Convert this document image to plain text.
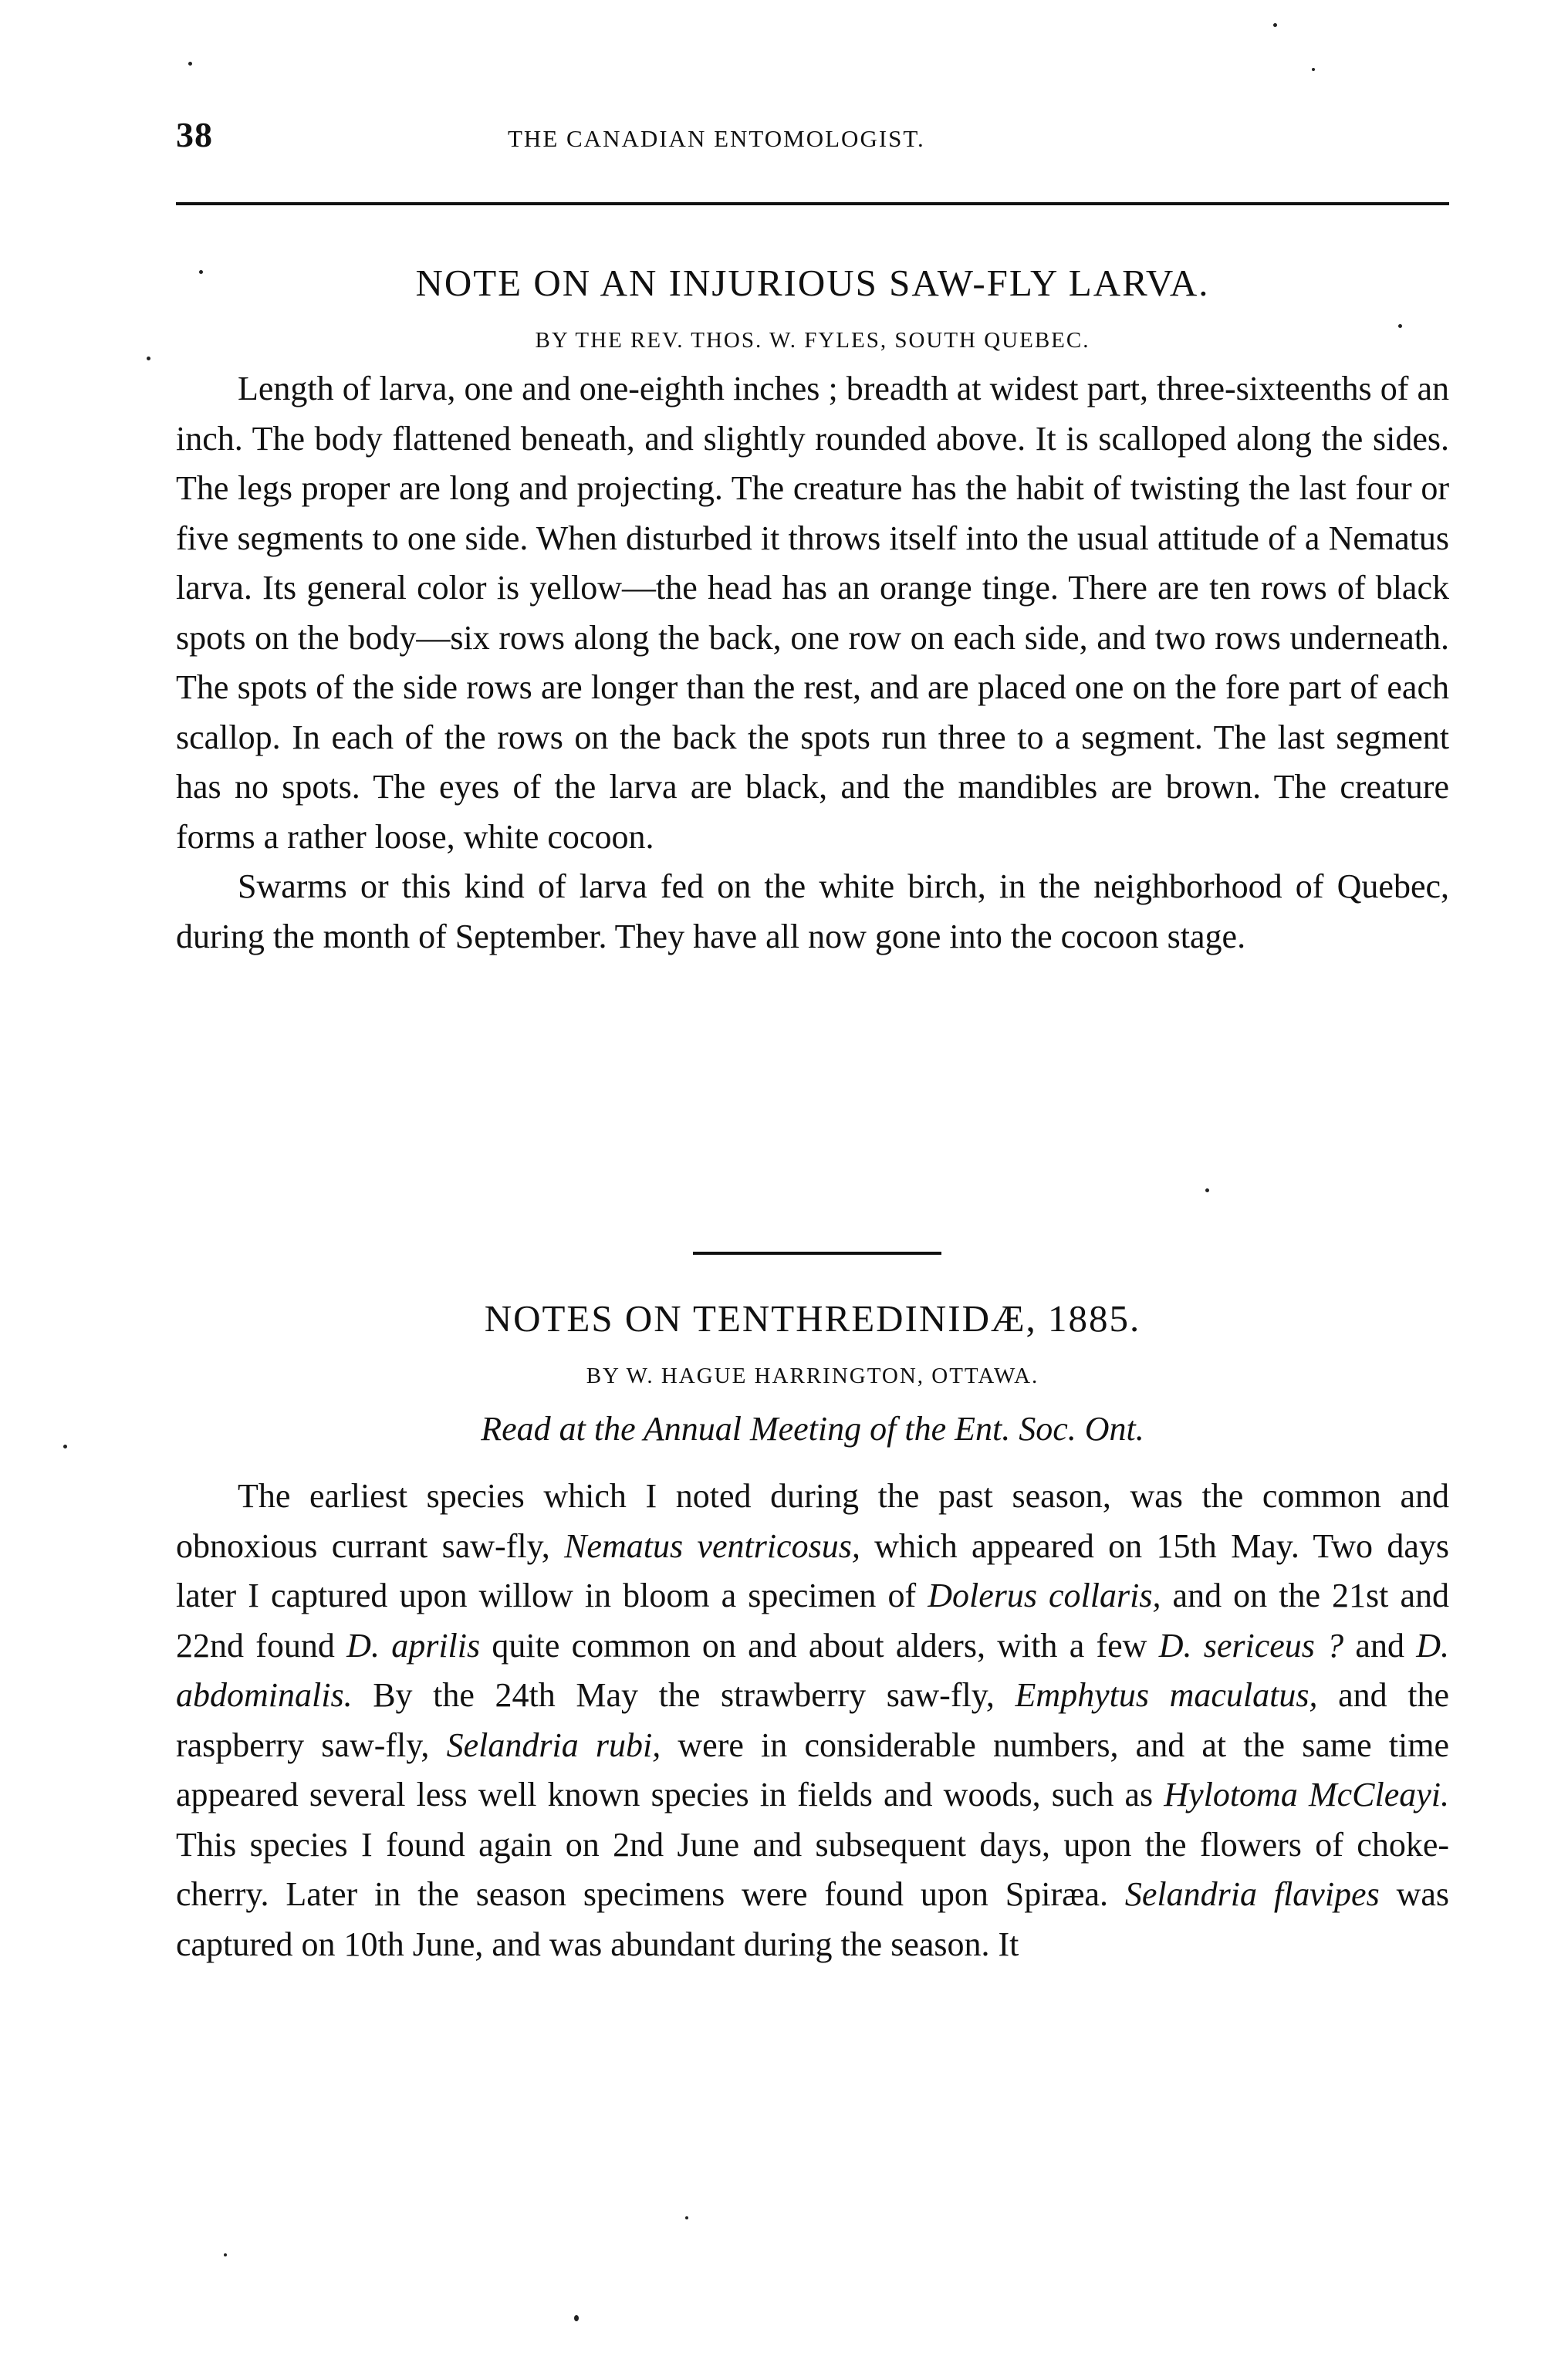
38	THE CANADIAN ENTOMOLOGIST.
NOTE ON AN INJURIOUS SAW-FLY LARVA.

BY THE REV. THOS. W. FYLES, SOUTH QUEBEC.

Length of larva, one and one-eighth inches ; breadth at widest part, three-sixteenths of an inch. The body flattened beneath, and slightly rounded above. It is scalloped along the sides. The legs proper are long and projecting. The creature has the habit of twisting the last four or five segments to one side. When disturbed it throws itself into the usual attitude of a Nematus larva. Its general color is yellow—the head has an orange tinge. There are ten rows of black spots on the body—six rows along the back, one row on each side, and two rows underneath. The spots of the side rows are longer than the rest, and are placed one on the fore part of each scallop. In each of the rows on the back the spots run three to a segment. The last segment has no spots. The eyes of the larva are black, and the mandibles are brown. The creature forms a rather loose, white cocoon.

Swarms or this kind of larva fed on the white birch, in the neighborhood of Quebec, during the month of September. They have all now gone into the cocoon stage.

NOTES ON TENTHREDINIDÆ, 1885.

BY W. HAGUE HARRINGTON, OTTAWA.

Read at the Annual Meeting of the Ent. Soc. Ont.

The earliest species which I noted during the past season, was the common and obnoxious currant saw-fly, Nematus ventricosus, which appeared on 15th May. Two days later I captured upon willow in bloom a specimen of Dolerus collaris, and on the 21st and 22nd found D. aprilis quite common on and about alders, with a few D. sericeus ? and D. abdominalis. By the 24th May the strawberry saw-fly, Emphytus maculatus, and the raspberry saw-fly, Selandria rubi, were in considerable numbers, and at the same time appeared several less well known species in fields and woods, such as Hylotoma McCleayi. This species I found again on 2nd June and subsequent days, upon the flowers of choke-cherry. Later in the season specimens were found upon Spiræa. Selandria flavipes was captured on 10th June, and was abundant during the season. It
